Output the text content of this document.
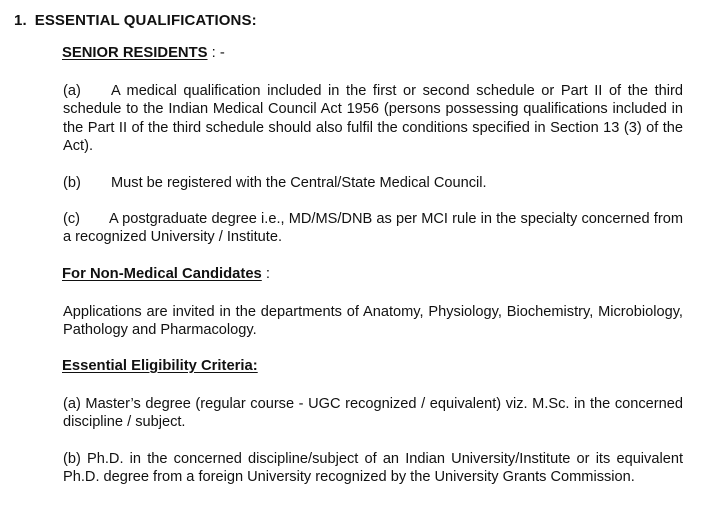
1. ESSENTIAL QUALIFICATIONS:
SENIOR RESIDENTS : -
(a) A medical qualification included in the first or second schedule or Part II of the third schedule to the Indian Medical Council Act 1956 (persons possessing qualifications included in the Part II of the third schedule should also fulfil the conditions specified in Section 13 (3) of the Act).
(b) Must be registered with the Central/State Medical Council.
(c) A postgraduate degree i.e., MD/MS/DNB as per MCI rule in the specialty concerned from a recognized University / Institute.
For Non-Medical Candidates :
Applications are invited in the departments of Anatomy, Physiology, Biochemistry, Microbiology, Pathology and Pharmacology.
Essential Eligibility Criteria:
(a) Master’s degree (regular course - UGC recognized / equivalent) viz. M.Sc. in the concerned discipline / subject.
(b) Ph.D. in the concerned discipline/subject of an Indian University/Institute or its equivalent Ph.D. degree from a foreign University recognized by the University Grants Commission.
